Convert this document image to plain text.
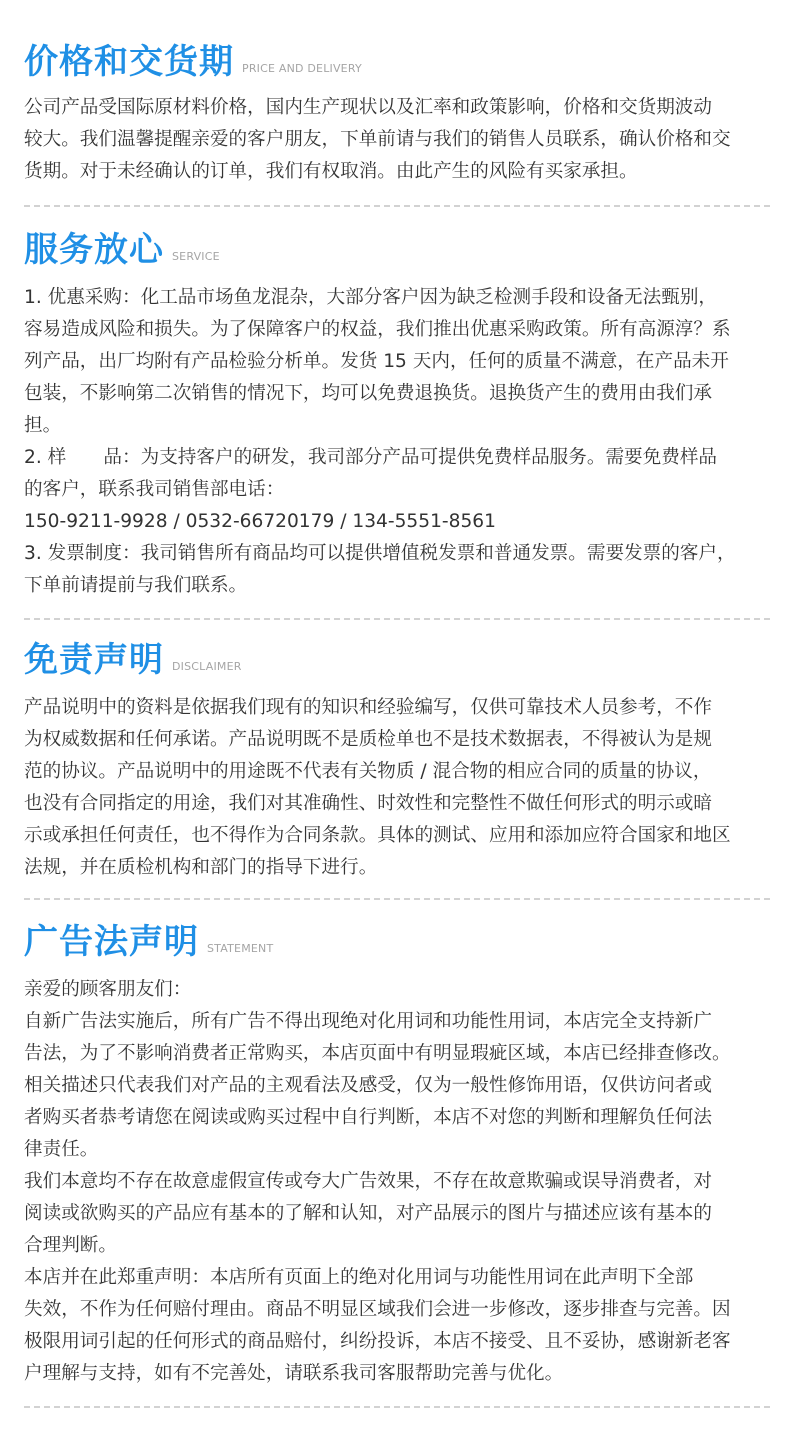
价格和交货期 PRICE AND DELIVERY
公司产品受国际原材料价格，国内生产现状以及汇率和政策影响，价格和交货期波动
较大。我们温馨提醒亲爱的客户朋友，下单前请与我们的销售人员联系，确认价格和交
货期。对于未经确认的订单，我们有权取消。由此产生的风险有买家承担。
服务放心 SERVICE
1. 优惠采购：化工品市场鱼龙混杂，大部分客户因为缺乏检测手段和设备无法甄别，
容易造成风险和损失。为了保障客户的权益，我们推出优惠采购政策。所有高源淳？系
列产品，出厂均附有产品检验分析单。发货 15 天内，任何的质量不满意，在产品未开
包装，不影响第二次销售的情况下，均可以免费退换货。退换货产生的费用由我们承
担。
2. 样　　品：为支持客户的研发，我司部分产品可提供免费样品服务。需要免费样品
的客户，联系我司销售部电话：
150-9211-9928 / 0532-66720179 / 134-5551-8561
3. 发票制度：我司销售所有商品均可以提供增值税发票和普通发票。需要发票的客户，
下单前请提前与我们联系。
免责声明 DISCLAIMER
产品说明中的资料是依据我们现有的知识和经验编写，仅供可靠技术人员参考，不作
为权威数据和任何承诺。产品说明既不是质检单也不是技术数据表，不得被认为是规
范的协议。产品说明中的用途既不代表有关物质 / 混合物的相应合同的质量的协议，
也没有合同指定的用途，我们对其准确性、时效性和完整性不做任何形式的明示或暗
示或承担任何责任，也不得作为合同条款。具体的测试、应用和添加应符合国家和地区
法规，并在质检机构和部门的指导下进行。
广告法声明 STATEMENT
亲爱的顾客朋友们：
自新广告法实施后，所有广告不得出现绝对化用词和功能性用词，本店完全支持新广
告法，为了不影响消费者正常购买，本店页面中有明显瑕疵区域，本店已经排查修改。
相关描述只代表我们对产品的主观看法及感受，仅为一般性修饰用语，仅供访问者或
者购买者恭考请您在阅读或购买过程中自行判断，本店不对您的判断和理解负任何法
律责任。
我们本意均不存在故意虚假宣传或夸大广告效果，不存在故意欺骗或误导消费者，对
阅读或欲购买的产品应有基本的了解和认知，对产品展示的图片与描述应该有基本的
合理判断。
本店并在此郑重声明：本店所有页面上的绝对化用词与功能性用词在此声明下全部
失效，不作为任何赔付理由。商品不明显区域我们会进一步修改，逐步排查与完善。因
极限用词引起的任何形式的商品赔付，纠纷投诉，本店不接受、且不妥协，感谢新老客
户理解与支持，如有不完善处，请联系我司客服帮助完善与优化。
